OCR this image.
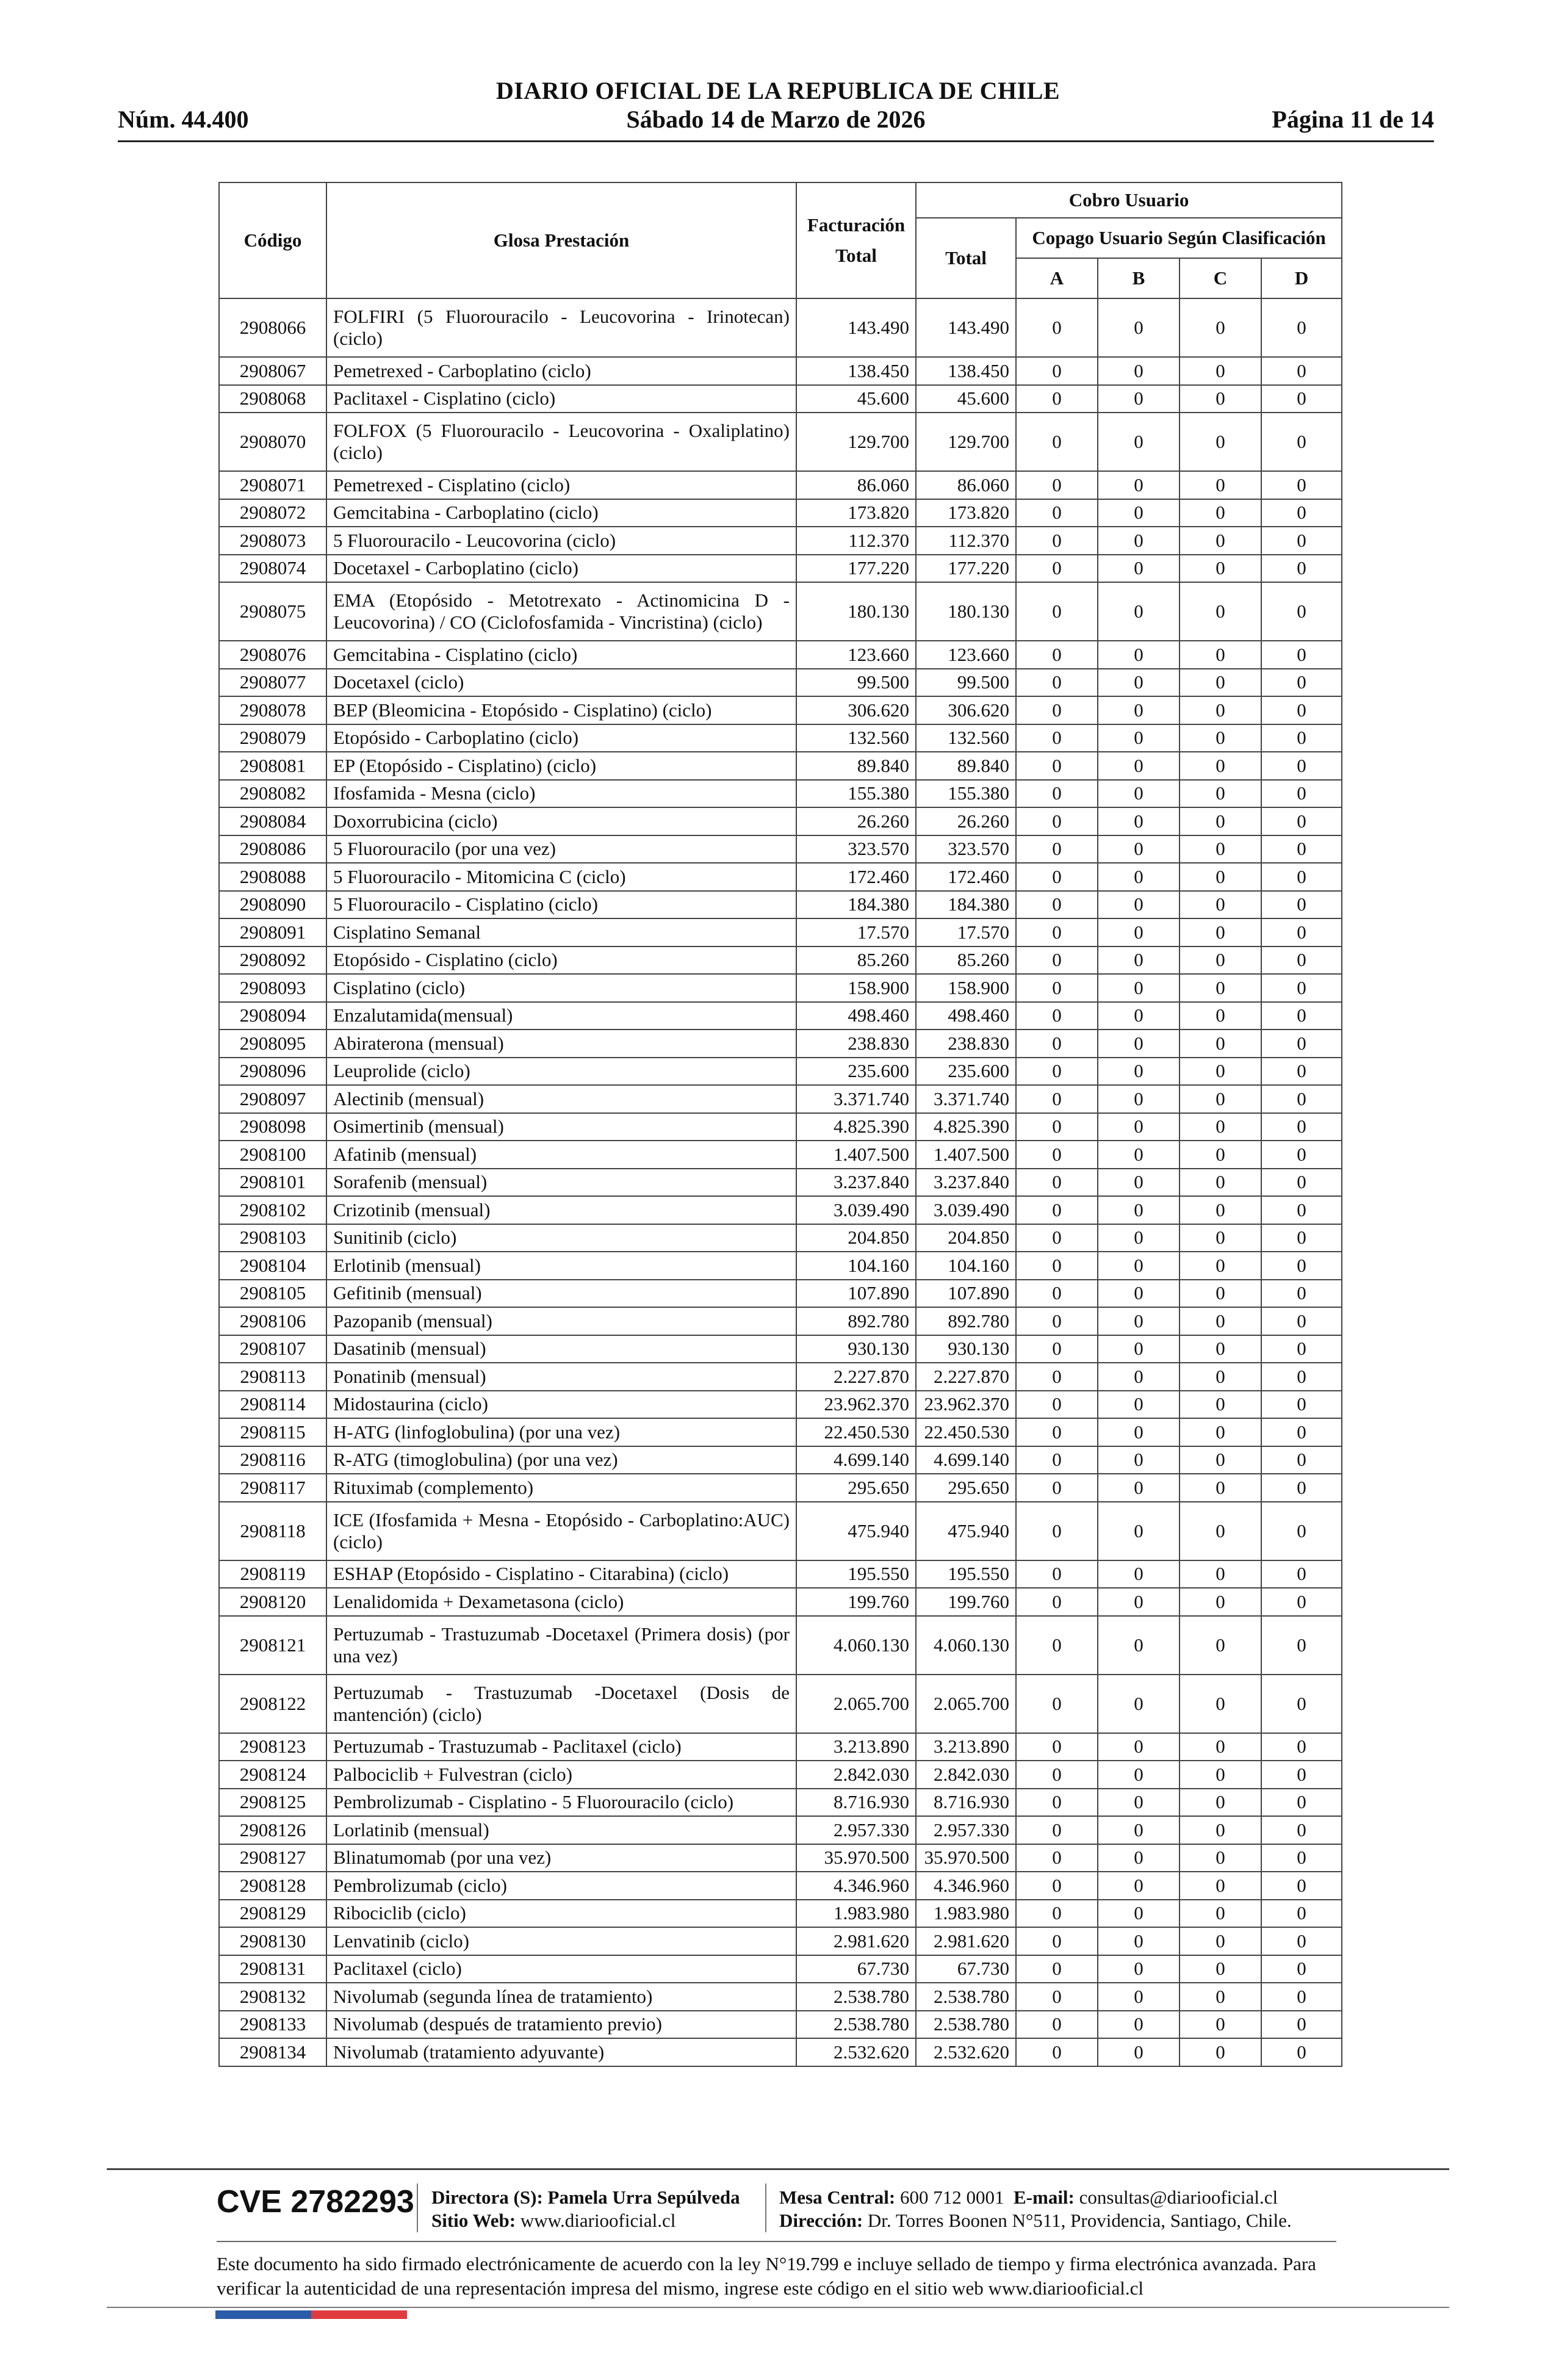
DIARIO OFICIAL DE LA REPUBLICA DE CHILE
Núm. 44.400	Sábado 14 de Marzo de 2026	Página 11 de 14
Código	Glosa Prestación	Facturación Total	Cobro Usuario				
			Total	Copago Usuario Según Clasificación			
				A	B	C	D
2908066	FOLFIRI (5 Fluorouracilo - Leucovorina - Irinotecan) (ciclo)	143.490	143.490	0	0	0	0
2908067	Pemetrexed - Carboplatino (ciclo)	138.450	138.450	0	0	0	0
2908068	Paclitaxel - Cisplatino (ciclo)	45.600	45.600	0	0	0	0
2908070	FOLFOX (5 Fluorouracilo - Leucovorina - Oxaliplatino) (ciclo)	129.700	129.700	0	0	0	0
2908071	Pemetrexed - Cisplatino (ciclo)	86.060	86.060	0	0	0	0
2908072	Gemcitabina - Carboplatino (ciclo)	173.820	173.820	0	0	0	0
2908073	5 Fluorouracilo - Leucovorina (ciclo)	112.370	112.370	0	0	0	0
2908074	Docetaxel - Carboplatino (ciclo)	177.220	177.220	0	0	0	0
2908075	EMA (Etopósido - Metotrexato - Actinomicina D - Leucovorina) / CO (Ciclofosfamida - Vincristina) (ciclo)	180.130	180.130	0	0	0	0
2908076	Gemcitabina - Cisplatino (ciclo)	123.660	123.660	0	0	0	0
2908077	Docetaxel (ciclo)	99.500	99.500	0	0	0	0
2908078	BEP (Bleomicina - Etopósido - Cisplatino) (ciclo)	306.620	306.620	0	0	0	0
2908079	Etopósido - Carboplatino (ciclo)	132.560	132.560	0	0	0	0
2908081	EP (Etopósido - Cisplatino) (ciclo)	89.840	89.840	0	0	0	0
2908082	Ifosfamida - Mesna (ciclo)	155.380	155.380	0	0	0	0
2908084	Doxorrubicina (ciclo)	26.260	26.260	0	0	0	0
2908086	5 Fluorouracilo (por una vez)	323.570	323.570	0	0	0	0
2908088	5 Fluorouracilo - Mitomicina C (ciclo)	172.460	172.460	0	0	0	0
2908090	5 Fluorouracilo - Cisplatino (ciclo)	184.380	184.380	0	0	0	0
2908091	Cisplatino Semanal	17.570	17.570	0	0	0	0
2908092	Etopósido - Cisplatino (ciclo)	85.260	85.260	0	0	0	0
2908093	Cisplatino (ciclo)	158.900	158.900	0	0	0	0
2908094	Enzalutamida(mensual)	498.460	498.460	0	0	0	0
2908095	Abiraterona (mensual)	238.830	238.830	0	0	0	0
2908096	Leuprolide (ciclo)	235.600	235.600	0	0	0	0
2908097	Alectinib (mensual)	3.371.740	3.371.740	0	0	0	0
2908098	Osimertinib (mensual)	4.825.390	4.825.390	0	0	0	0
2908100	Afatinib (mensual)	1.407.500	1.407.500	0	0	0	0
2908101	Sorafenib (mensual)	3.237.840	3.237.840	0	0	0	0
2908102	Crizotinib (mensual)	3.039.490	3.039.490	0	0	0	0
2908103	Sunitinib (ciclo)	204.850	204.850	0	0	0	0
2908104	Erlotinib (mensual)	104.160	104.160	0	0	0	0
2908105	Gefitinib (mensual)	107.890	107.890	0	0	0	0
2908106	Pazopanib (mensual)	892.780	892.780	0	0	0	0
2908107	Dasatinib (mensual)	930.130	930.130	0	0	0	0
2908113	Ponatinib (mensual)	2.227.870	2.227.870	0	0	0	0
2908114	Midostaurina (ciclo)	23.962.370	23.962.370	0	0	0	0
2908115	H-ATG (linfoglobulina) (por una vez)	22.450.530	22.450.530	0	0	0	0
2908116	R-ATG (timoglobulina) (por una vez)	4.699.140	4.699.140	0	0	0	0
2908117	Rituximab (complemento)	295.650	295.650	0	0	0	0
2908118	ICE (Ifosfamida + Mesna - Etopósido - Carboplatino:AUC) (ciclo)	475.940	475.940	0	0	0	0
2908119	ESHAP (Etopósido - Cisplatino - Citarabina) (ciclo)	195.550	195.550	0	0	0	0
2908120	Lenalidomida + Dexametasona (ciclo)	199.760	199.760	0	0	0	0
2908121	Pertuzumab - Trastuzumab -Docetaxel (Primera dosis) (por una vez)	4.060.130	4.060.130	0	0	0	0
2908122	Pertuzumab - Trastuzumab -Docetaxel (Dosis de mantención) (ciclo)	2.065.700	2.065.700	0	0	0	0
2908123	Pertuzumab - Trastuzumab - Paclitaxel (ciclo)	3.213.890	3.213.890	0	0	0	0
2908124	Palbociclib + Fulvestran (ciclo)	2.842.030	2.842.030	0	0	0	0
2908125	Pembrolizumab - Cisplatino - 5 Fluorouracilo (ciclo)	8.716.930	8.716.930	0	0	0	0
2908126	Lorlatinib (mensual)	2.957.330	2.957.330	0	0	0	0
2908127	Blinatumomab (por una vez)	35.970.500	35.970.500	0	0	0	0
2908128	Pembrolizumab (ciclo)	4.346.960	4.346.960	0	0	0	0
2908129	Ribociclib (ciclo)	1.983.980	1.983.980	0	0	0	0
2908130	Lenvatinib (ciclo)	2.981.620	2.981.620	0	0	0	0
2908131	Paclitaxel (ciclo)	67.730	67.730	0	0	0	0
2908132	Nivolumab (segunda línea de tratamiento)	2.538.780	2.538.780	0	0	0	0
2908133	Nivolumab (después de tratamiento previo)	2.538.780	2.538.780	0	0	0	0
2908134	Nivolumab (tratamiento adyuvante)	2.532.620	2.532.620	0	0	0	0
CVE 2782293 Directora (S): Pamela Urra Sepúlveda
Sitio Web: www.diariooficial.cl
Mesa Central: 600 712 0001 E-mail: consultas@diariooficial.cl
Dirección: Dr. Torres Boonen N°511, Providencia, Santiago, Chile.
Este documento ha sido firmado electrónicamente de acuerdo con la ley N°19.799 e incluye sellado de tiempo y firma electrónica avanzada. Para verificar la autenticidad de una representación impresa del mismo, ingrese este código en el sitio web www.diariooficial.cl
